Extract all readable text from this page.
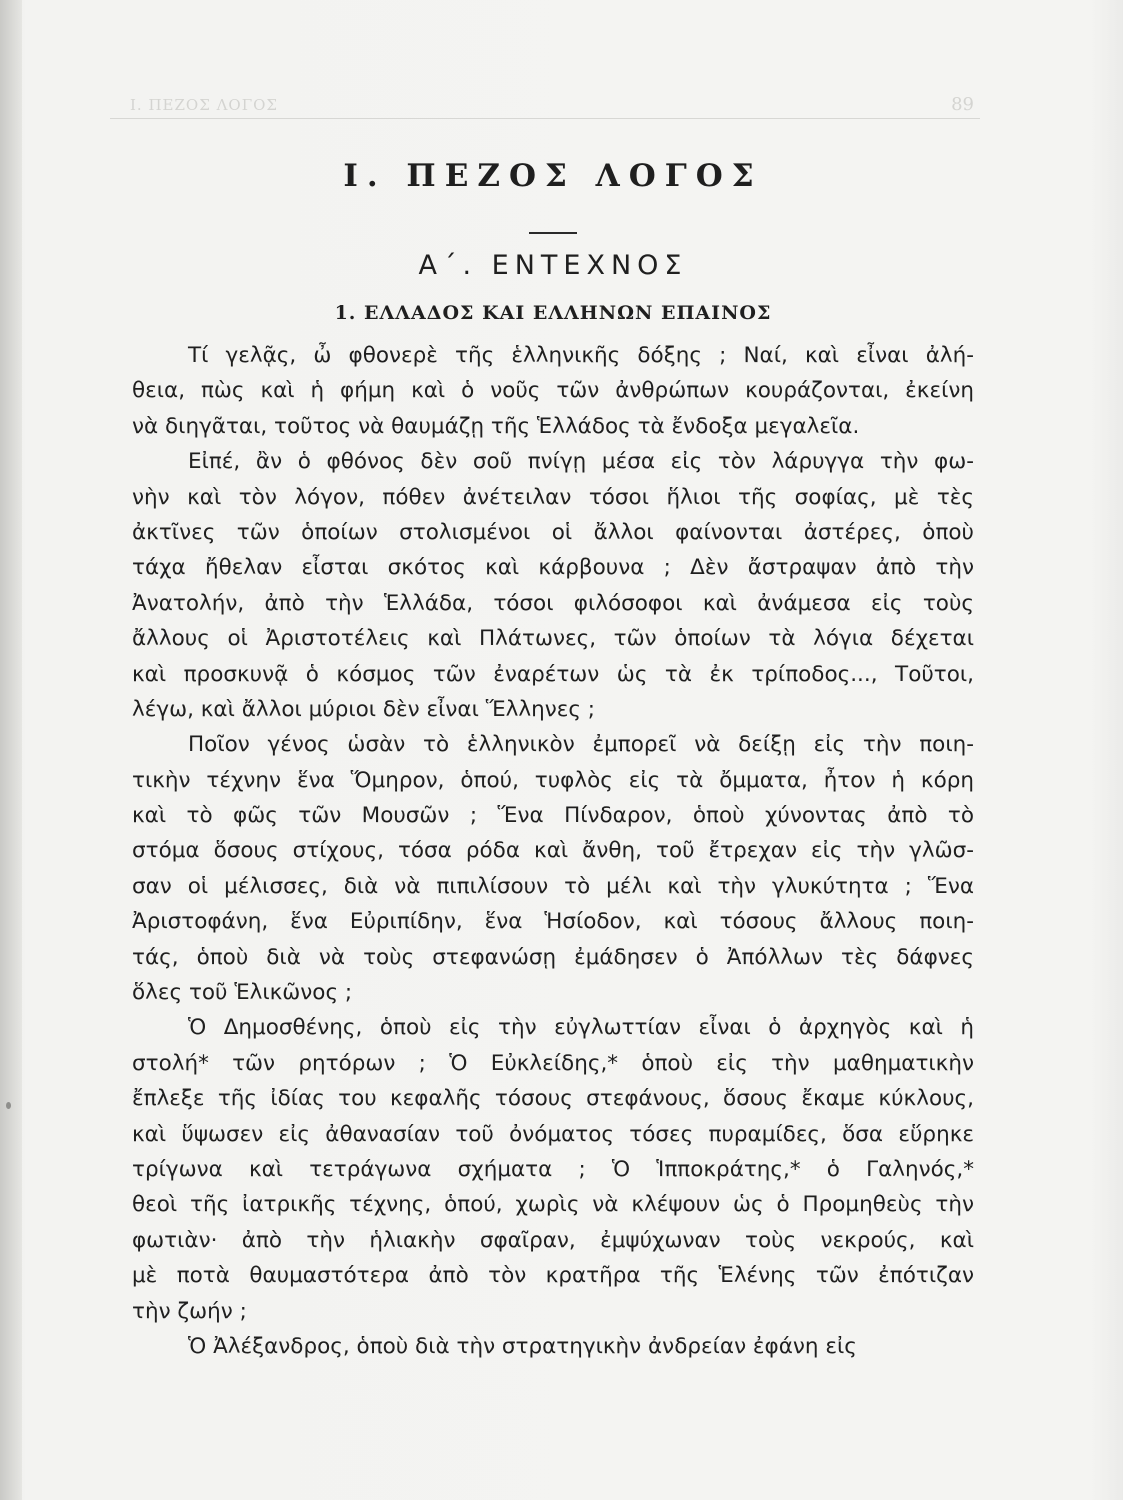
Ι. ΠΕΖΟΣ ΛΟΓΟΣ	89
Ι. ΠΕΖΟΣ ΛΟΓΟΣ
Α΄. ΕΝΤΕΧΝΟΣ
1. ΕΛΛΑΔΟΣ ΚΑΙ ΕΛΛΗΝΩΝ ΕΠΑΙΝΟΣ

Τί γελᾷς, ὦ φθονερὲ τῆς ἑλληνικῆς δόξης ; Ναί, καὶ εἶναι ἀλή-
θεια, πὼς καὶ ἡ φήμη καὶ ὁ νοῦς τῶν ἀνθρώπων κουράζονται, ἐκείνη
νὰ διηγᾶται, τοῦτος νὰ θαυμάζῃ τῆς Ἑλλάδος τὰ ἔνδοξα μεγαλεῖα.

Εἰπέ, ἂν ὁ φθόνος δὲν σοῦ πνίγῃ μέσα εἰς τὸν λάρυγγα τὴν φω-
νὴν καὶ τὸν λόγον, πόθεν ἀνέτειλαν τόσοι ἥλιοι τῆς σοφίας, μὲ τὲς
ἀκτῖνες τῶν ὁποίων στολισμένοι οἱ ἄλλοι φαίνονται ἀστέρες, ὁποὺ
τάχα ἤθελαν εἶσται σκότος καὶ κάρβουνα ; Δὲν ἄστραψαν ἀπὸ τὴν
Ἀνατολήν, ἀπὸ τὴν Ἑλλάδα, τόσοι φιλόσοφοι καὶ ἀνάμεσα εἰς τοὺς
ἄλλους οἱ Ἀριστοτέλεις καὶ Πλάτωνες, τῶν ὁποίων τὰ λόγια δέχεται
καὶ προσκυνᾷ ὁ κόσμος τῶν ἐναρέτων ὡς τὰ ἐκ τρίποδος..., Τοῦτοι,
λέγω, καὶ ἄλλοι μύριοι δὲν εἶναι Ἕλληνες ;

Ποῖον γένος ὡσὰν τὸ ἑλληνικὸν ἐμπορεῖ νὰ δείξῃ εἰς τὴν ποιη-
τικὴν τέχνην ἕνα Ὅμηρον, ὁπού, τυφλὸς εἰς τὰ ὄμματα, ἦτον ἡ κόρη
καὶ τὸ φῶς τῶν Μουσῶν ; Ἕνα Πίνδαρον, ὁποὺ χύνοντας ἀπὸ τὸ
στόμα ὅσους στίχους, τόσα ρόδα καὶ ἄνθη, τοῦ ἔτρεχαν εἰς τὴν γλῶσ-
σαν οἱ μέλισσες, διὰ νὰ πιπιλίσουν τὸ μέλι καὶ τὴν γλυκύτητα ; Ἕνα
Ἀριστοφάνη, ἕνα Εὐριπίδην, ἕνα Ἡσίοδον, καὶ τόσους ἄλλους ποιη-
τάς, ὁποὺ διὰ νὰ τοὺς στεφανώσῃ ἐμάδησεν ὁ Ἀπόλλων τὲς δάφνες
ὅλες τοῦ Ἑλικῶνος ;

Ὁ Δημοσθένης, ὁποὺ εἰς τὴν εὐγλωττίαν εἶναι ὁ ἀρχηγὸς καὶ ἡ
στολή* τῶν ρητόρων ; Ὁ Εὐκλείδης,* ὁποὺ εἰς τὴν μαθηματικὴν
ἔπλεξε τῆς ἰδίας του κεφαλῆς τόσους στεφάνους, ὅσους ἔκαμε κύκλους,
καὶ ὕψωσεν εἰς ἀθανασίαν τοῦ ὀνόματος τόσες πυραμίδες, ὅσα εὕρηκε
τρίγωνα καὶ τετράγωνα σχήματα ; Ὁ Ἱπποκράτης,* ὁ Γαληνός,*
θεοὶ τῆς ἰατρικῆς τέχνης, ὁπού, χωρὶς νὰ κλέψουν ὡς ὁ Προμηθεὺς τὴν
φωτιὰν· ἀπὸ τὴν ἡλιακὴν σφαῖραν, ἐμψύχωναν τοὺς νεκρούς, καὶ
μὲ ποτὰ θαυμαστότερα ἀπὸ τὸν κρατῆρα τῆς Ἑλένης τῶν ἐπότιζαν
τὴν ζωήν ;

Ὁ Ἀλέξανδρος, ὁποὺ διὰ τὴν στρατηγικὴν ἀνδρείαν ἐφάνη εἰς
